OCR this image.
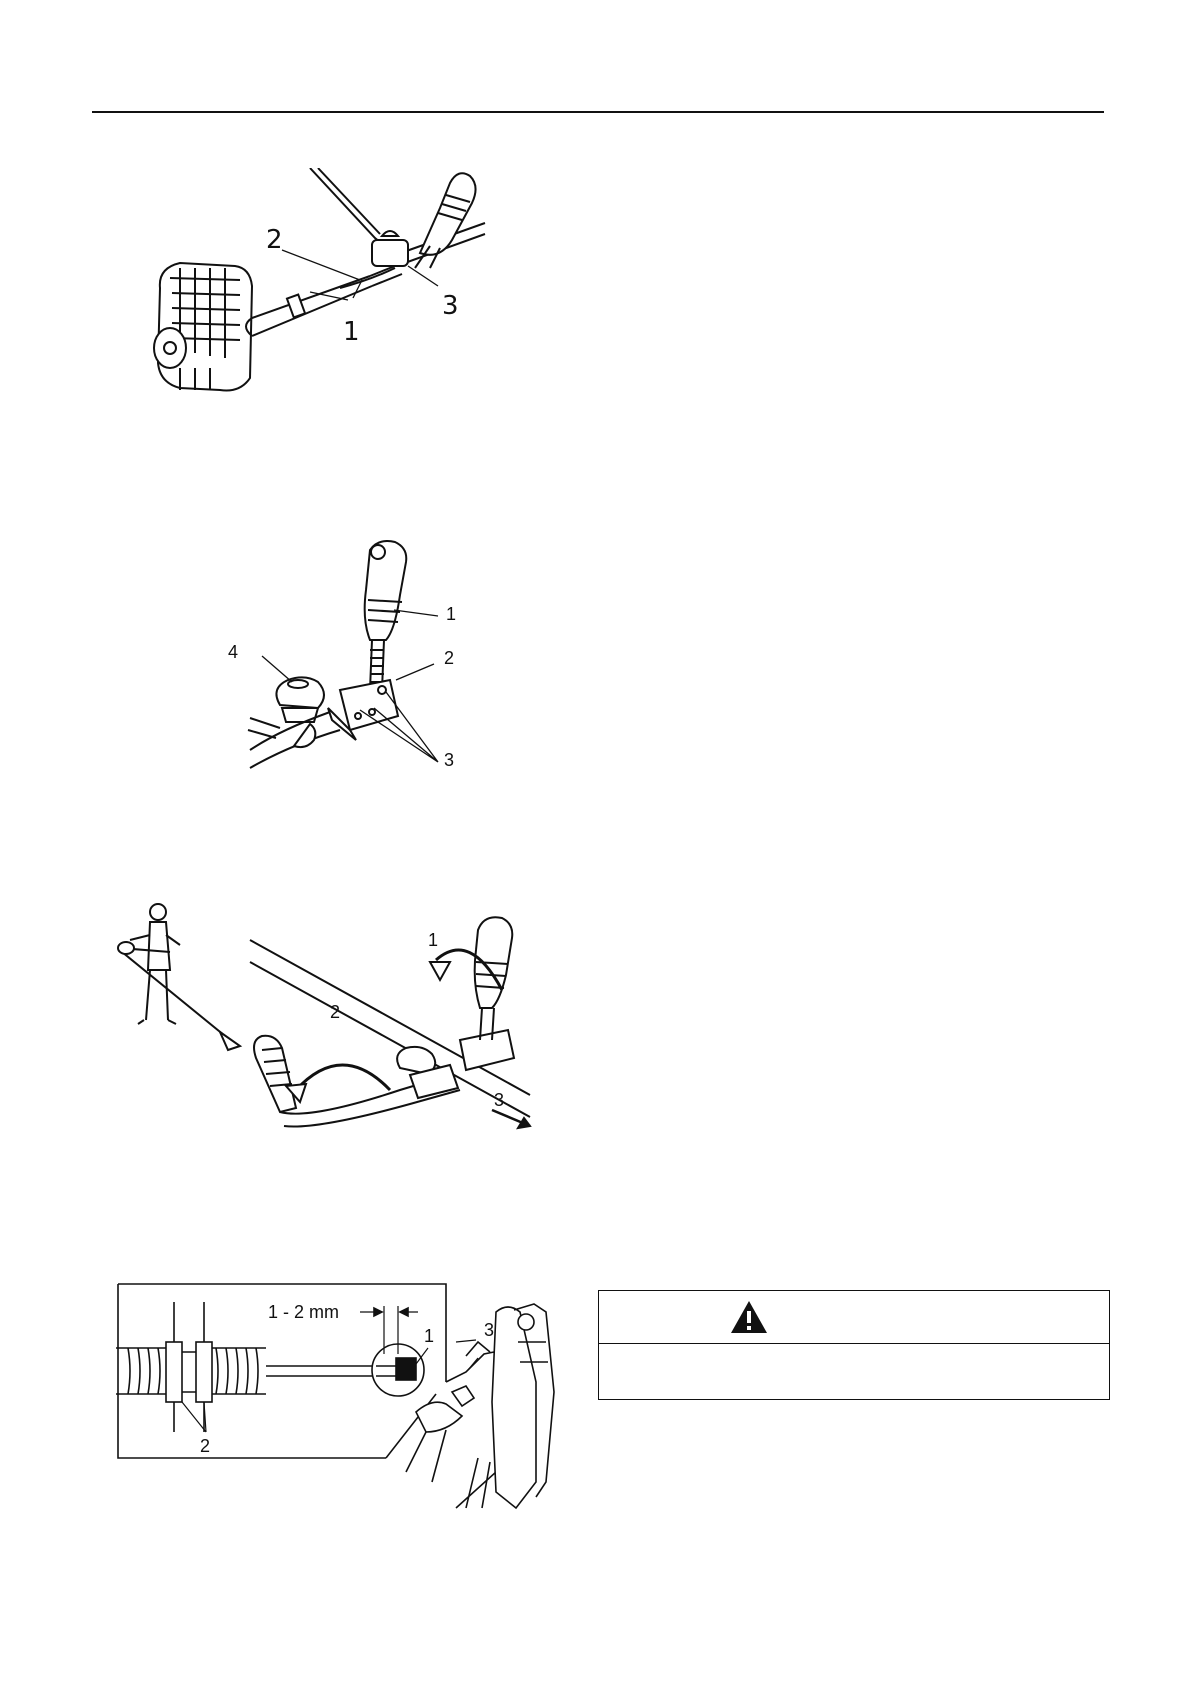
2
1
3
1
2
3
4
1
2
3
1 - 2 mm
1
2
3
